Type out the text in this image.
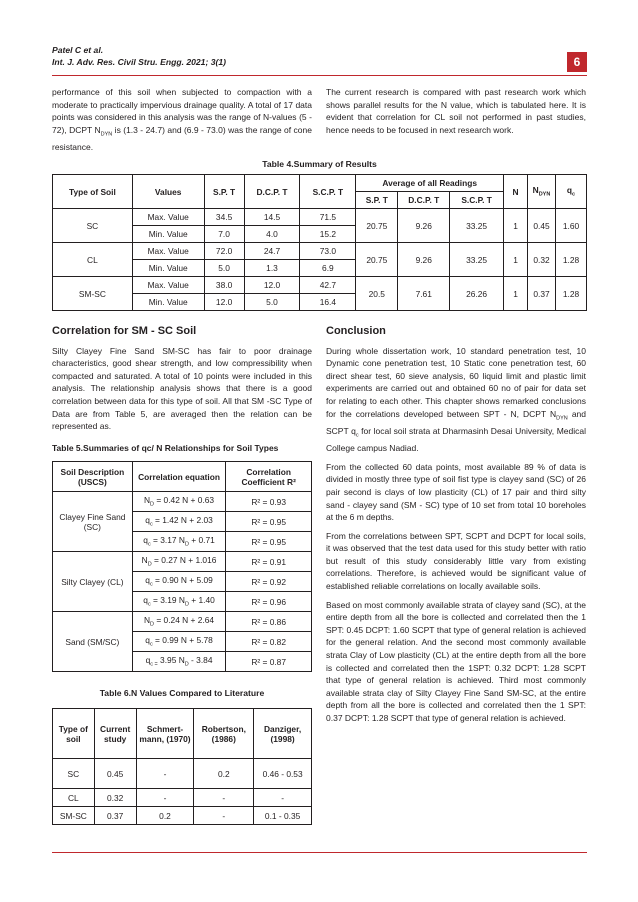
Patel C et al.
Int. J. Adv. Res. Civil Stru. Engg. 2021; 3(1)	6

performance of this soil when subjected to compaction with a moderate to practically impervious drainage quality. A total of 17 data points was considered in this analysis was the range of N-values (5 - 72), DCPT $N_{DYN}$ is (1.3 - 24.7) and (6.9 - 73.0) was the range of cone resistance.

The current research is compared with past research work which shows parallel results for the N value, which is tabulated here. It is evident that correlation for CL soil not performed in past studies, hence needs to be focused in next research work.

Table 4.Summary of Results
Type of Soil	Values	S.P. T	D.C.P. T	S.C.P. T	Average of all Readings			N	$N_{DYN}$	$q_c$
					S.P. T	D.C.P. T	S.C.P. T			
SC	Max. Value	34.5	14.5	71.5	20.75	9.26	33.25	1	0.45	1.60
	Min. Value	7.0	4.0	15.2						
CL	Max. Value	72.0	24.7	73.0	20.75	9.26	33.25	1	0.32	1.28
	Min. Value	5.0	1.3	6.9						
SM-SC	Max. Value	38.0	12.0	42.7	20.5	7.61	26.26	1	0.37	1.28
	Min. Value	12.0	5.0	16.4						
Correlation for SM - SC Soil

Silty Clayey Fine Sand SM-SC has fair to poor drainage characteristics, good shear strength, and low compressibility when compacted and saturated. A total of 10 points were included in this analysis. The relationship analysis shows that there is a good correlation between data for this type of soil. All that SM -SC Type of Data are from Table 5, are averaged then the relation can be represented as.

Table 5.Summaries of qc/ N Relationships for Soil Types
Soil Description (USCS)	Correlation equation	Correlation Coefficient R²
Clayey Fine Sand (SC)	$N_D = 0.42$ N + 0.63	R² = 0.93
	$q_c = 1.42$ N + 2.03	R² = 0.95
	$q_c = 3.17$ $N_D + 0.71$	R² = 0.95
Silty Clayey (CL)	$N_D = 0.27$ N + 1.016	R² = 0.91
	$q_c = 0.90$ N + 5.09	R² = 0.92
	$q_c = 3.19$ $N_D + 1.40$	R² = 0.96
Sand (SM/SC)	$N_D = 0.24$ N + 2.64	R² = 0.86
	$q_c = 0.99$ N + 5.78	R² = 0.82
	$q_{c =}$ 3.95 $N_D - 3.84$	R² = 0.87
Table 6.N Values Compared to Literature
Type of soil	Current study	Schmert-mann, (1970)	Robertson, (1986)	Danziger, (1998)
SC	0.45	-	0.2	0.46 - 0.53
CL	0.32	-	-	-
SM-SC	0.37	0.2	-	0.1 - 0.35
Conclusion

During whole dissertation work, 10 standard penetration test, 10 Dynamic cone penetration test, 10 Static cone penetration test, 60 direct shear test, 60 sieve analysis, 60 liquid limit and plastic limit experiments are carried out and obtained 60 no of pair for data set for relating to each other. This chapter shows remarked conclusions for the correlations developed between SPT - N, DCPT $N_{DYN}$ and SCPT $q_c$ for local soil strata at Dharmasinh Desai University, Medical College campus Nadiad.

From the collected 60 data points, most available 89 % of data is divided in mostly three type of soil fist type is clayey sand (SC) of 26 pair second is clays of low plasticity (CL) of 17 pair and third silty sand - clayey sand (SM - SC) type of 10 set from total 10 boreholes at the 6 m depths.

From the correlations between SPT, SCPT and DCPT for local soils, it was observed that the test data used for this study better with ratio but result of this study considerably little vary from existing correlations. Therefore, is achieved would be significant value of established reliable correlations on locally available soils.

Based on most commonly available strata of clayey sand (SC), at the entire depth from all the bore is collected and correlated then the 1 SPT: 0.45 DCPT: 1.60 SCPT that type of general relation is achieved for the general relation. And the second most commonly available strata Clay of Low plasticity (CL) at the entire depth from all the bore is collected and correlated then the 1SPT: 0.32 DCPT: 1.28 SCPT that type of general relation is achieved. Third most commonly available strata clay of Silty Clayey Fine Sand SM-SC, at the entire depth from all the bore is collected and correlated then the 1 SPT: 0.37 DCPT: 1.28 SCPT that type of general relation is achieved.
